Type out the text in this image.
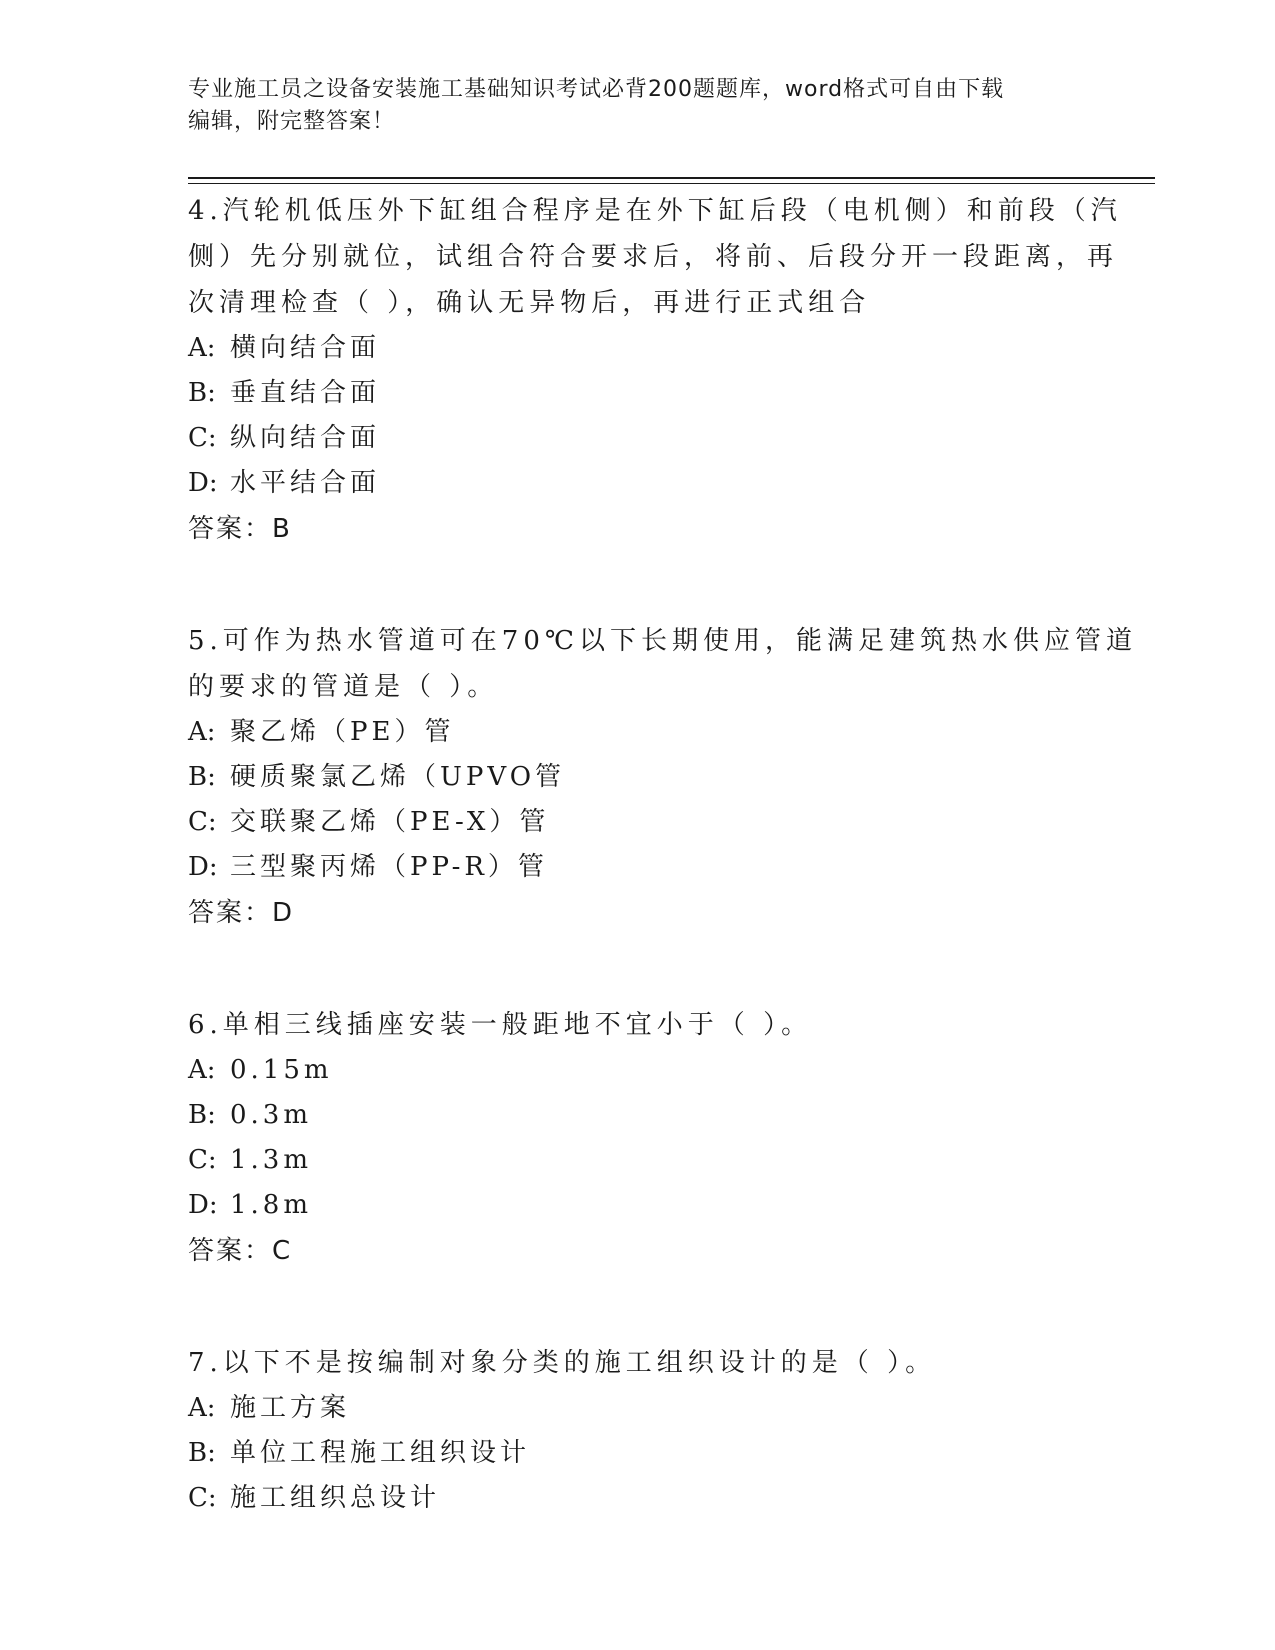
专业施工员之设备安装施工基础知识考试必背200题题库，word格式可自由下载
编辑，附完整答案！
4.汽轮机低压外下缸组合程序是在外下缸后段（电机侧）和前段（汽
侧）先分别就位，试组合符合要求后，将前、后段分开一段距离，再
次清理检查（ ），确认无异物后，再进行正式组合
A: 横向结合面
B: 垂直结合面
C: 纵向结合面
D: 水平结合面
答案：B
5.可作为热水管道可在70℃以下长期使用，能满足建筑热水供应管道
的要求的管道是（ ）。
A: 聚乙烯（PE）管
B: 硬质聚氯乙烯（UPVO管
C: 交联聚乙烯（PE-X）管
D: 三型聚丙烯（PP-R）管
答案：D
6.单相三线插座安装一般距地不宜小于（ ）。
A: 0.15m
B: 0.3m
C: 1.3m
D: 1.8m
答案：C
7.以下不是按编制对象分类的施工组织设计的是（ ）。
A: 施工方案
B: 单位工程施工组织设计
C: 施工组织总设计
